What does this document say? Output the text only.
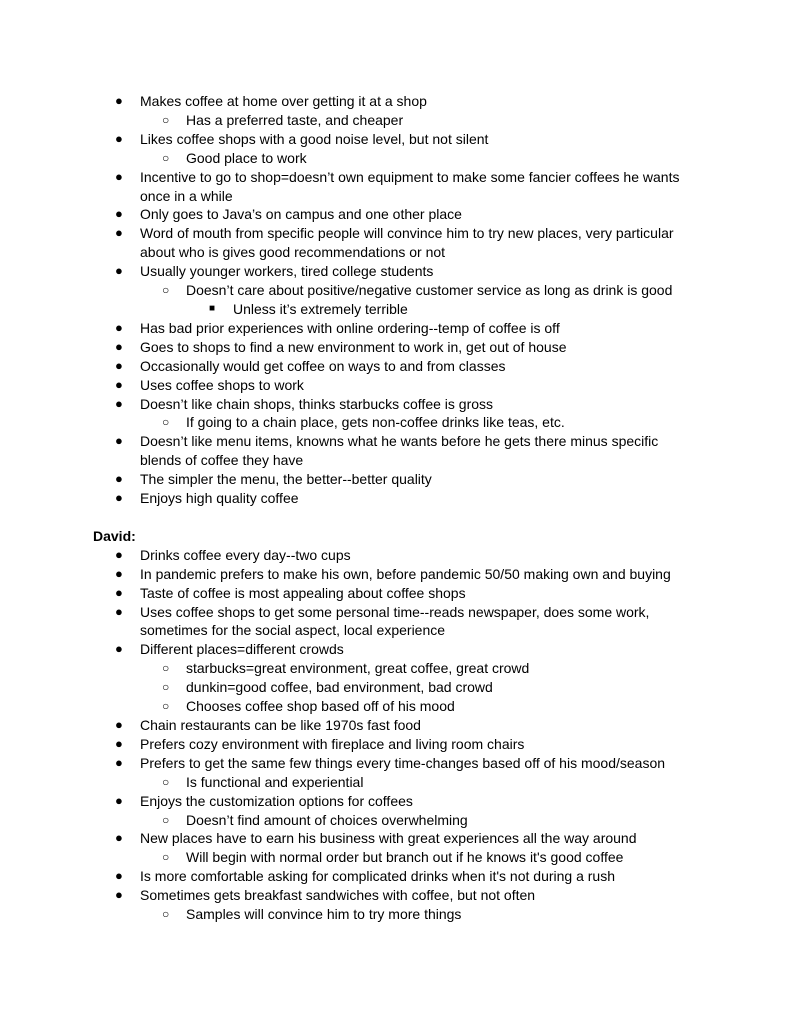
● Makes coffee at home over getting it at a shop
○ Has a preferred taste, and cheaper
● Likes coffee shops with a good noise level, but not silent
○ Good place to work
● Incentive to go to shop=doesn’t own equipment to make some fancier coffees he wants once in a while
● Only goes to Java’s on campus and one other place
● Word of mouth from specific people will convince him to try new places, very particular about who is gives good recommendations or not
● Usually younger workers, tired college students
○ Doesn’t care about positive/negative customer service as long as drink is good
■ Unless it’s extremely terrible
● Has bad prior experiences with online ordering--temp of coffee is off
● Goes to shops to find a new environment to work in, get out of house
● Occasionally would get coffee on ways to and from classes
● Uses coffee shops to work
● Doesn’t like chain shops, thinks starbucks coffee is gross
○ If going to a chain place, gets non-coffee drinks like teas, etc.
● Doesn’t like menu items, knowns what he wants before he gets there minus specific blends of coffee they have
● The simpler the menu, the better--better quality
● Enjoys high quality coffee
David:
● Drinks coffee every day--two cups
● In pandemic prefers to make his own, before pandemic 50/50 making own and buying
● Taste of coffee is most appealing about coffee shops
● Uses coffee shops to get some personal time--reads newspaper, does some work, sometimes for the social aspect, local experience
● Different places=different crowds
○ starbucks=great environment, great coffee, great crowd
○ dunkin=good coffee, bad environment, bad crowd
○ Chooses coffee shop based off of his mood
● Chain restaurants can be like 1970s fast food
● Prefers cozy environment with fireplace and living room chairs
● Prefers to get the same few things every time-changes based off of his mood/season
○ Is functional and experiential
● Enjoys the customization options for coffees
○ Doesn’t find amount of choices overwhelming
● New places have to earn his business with great experiences all the way around
○ Will begin with normal order but branch out if he knows it's good coffee
● Is more comfortable asking for complicated drinks when it's not during a rush
● Sometimes gets breakfast sandwiches with coffee, but not often
○ Samples will convince him to try more things
